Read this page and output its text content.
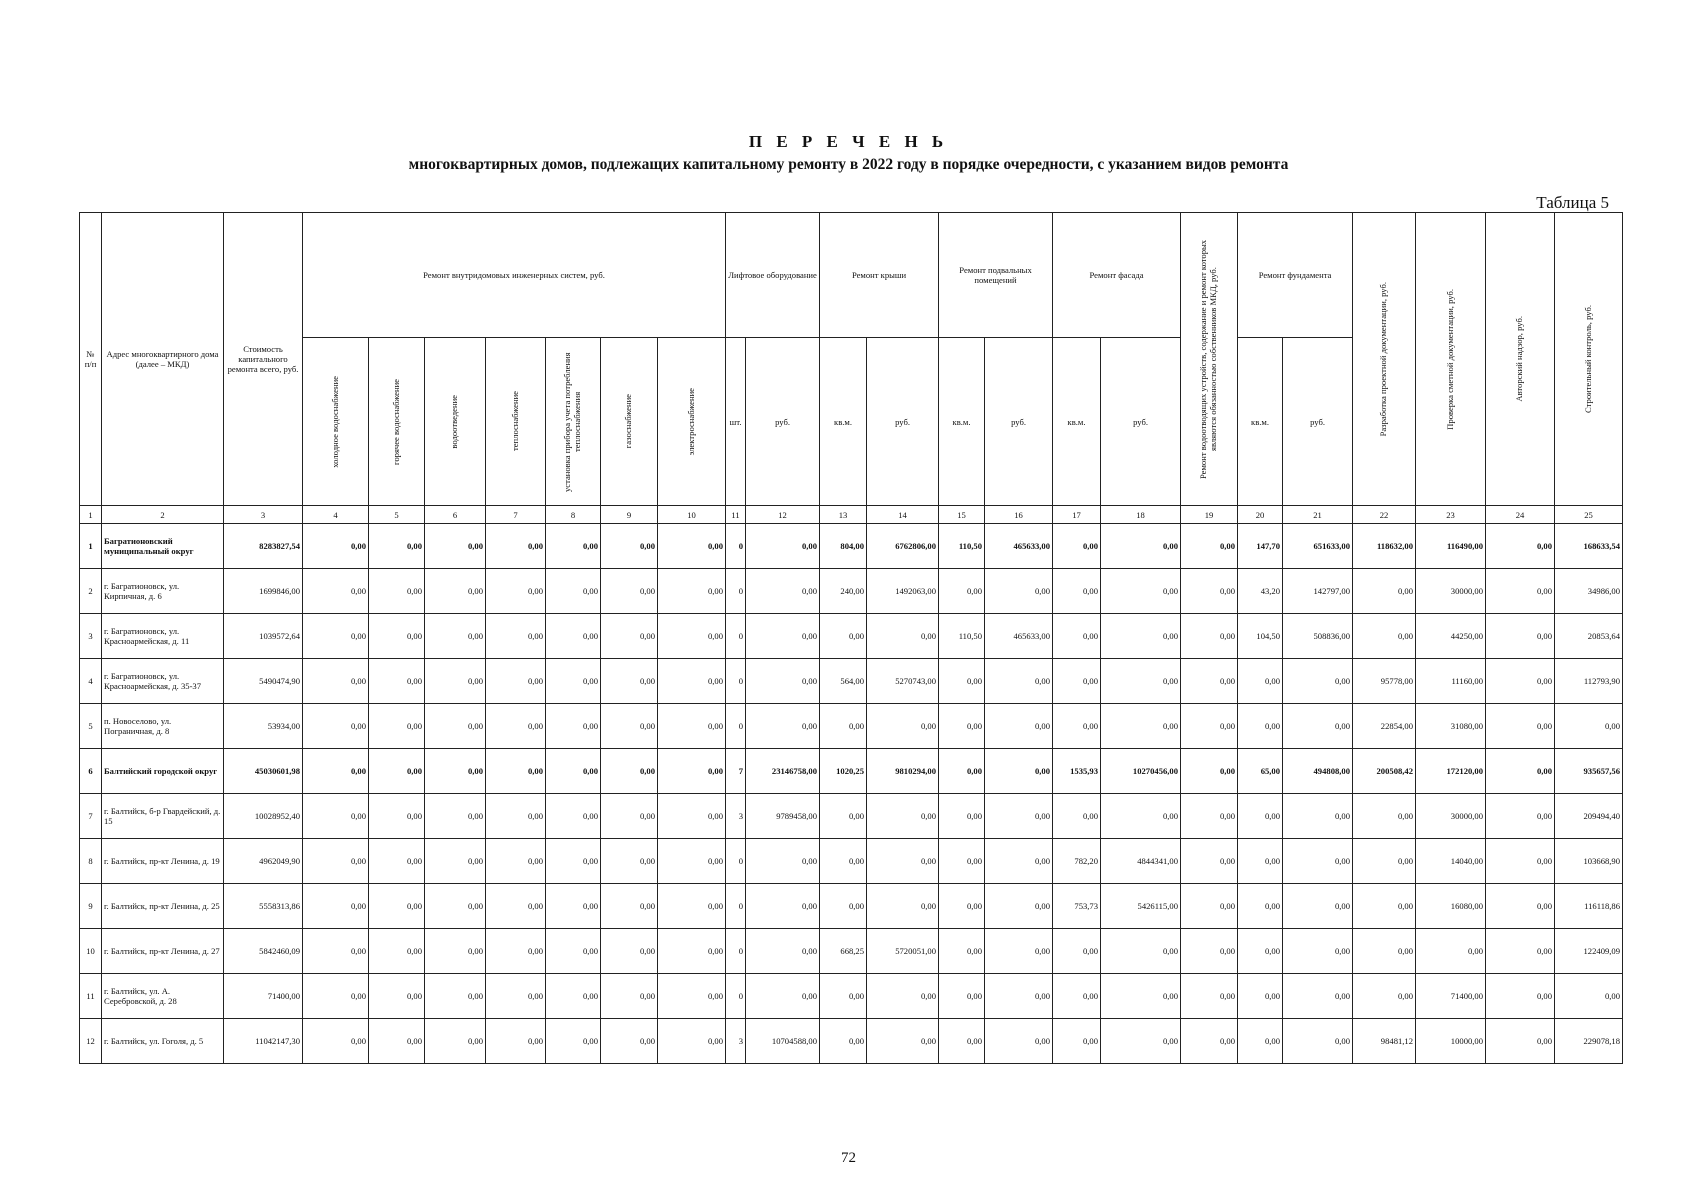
П Е Р Е Ч Е Н Ь
многоквартирных домов, подлежащих капитальному ремонту в 2022 году в порядке очередности, с указанием видов ремонта
Таблица 5
№ п/п	Адрес многоквартирного дома (далее – МКД)	Стоимость капитального ремонта всего, руб.	Ремонт внутридомовых инженерных систем, руб.							Лифтовое оборудование		Ремонт крыши		Ремонт подвальных помещений		Ремонт фасада		Ремонт водоотводящих устройств, содержание и ремонт которых являются обязанностью собственников МКД, руб.	Ремонт фундамента		Разработка проектной документации, руб.	Проверка сметной документации, руб.	Авторский надзор, руб.	Строительный контроль, руб.

			холодное водоснабжение	горячее водоснабжение	водоотведение	теплоснабжение	установка прибора учета потребления теплоснабжения	газоснабжение	электроснабжение	шт.	руб.	кв.м.	руб.	кв.м.	руб.	кв.м.	руб.		кв.м.	руб.				
1	2	3	4	5	6	7	8	9	10	11	12	13	14	15	16	17	18	19	20	21	22	23	24	25
1	Багратионовский муниципальный округ	8283827,54	0,00	0,00	0,00	0,00	0,00	0,00	0,00	0	0,00	804,00	6762806,00	110,50	465633,00	0,00	0,00	0,00	147,70	651633,00	118632,00	116490,00	0,00	168633,54
2	г. Багратионовск, ул. Кирпичная, д. 6	1699846,00	0,00	0,00	0,00	0,00	0,00	0,00	0,00	0	0,00	240,00	1492063,00	0,00	0,00	0,00	0,00	0,00	43,20	142797,00	0,00	30000,00	0,00	34986,00
3	г. Багратионовск, ул. Красноармейская, д. 11	1039572,64	0,00	0,00	0,00	0,00	0,00	0,00	0,00	0	0,00	0,00	0,00	110,50	465633,00	0,00	0,00	0,00	104,50	508836,00	0,00	44250,00	0,00	20853,64
4	г. Багратионовск, ул. Красноармейская, д. 35-37	5490474,90	0,00	0,00	0,00	0,00	0,00	0,00	0,00	0	0,00	564,00	5270743,00	0,00	0,00	0,00	0,00	0,00	0,00	0,00	95778,00	11160,00	0,00	112793,90
5	п. Новоселово, ул. Пограничная, д. 8	53934,00	0,00	0,00	0,00	0,00	0,00	0,00	0,00	0	0,00	0,00	0,00	0,00	0,00	0,00	0,00	0,00	0,00	0,00	22854,00	31080,00	0,00	0,00
6	Балтийский городской округ	45030601,98	0,00	0,00	0,00	0,00	0,00	0,00	0,00	7	23146758,00	1020,25	9810294,00	0,00	0,00	1535,93	10270456,00	0,00	65,00	494808,00	200508,42	172120,00	0,00	935657,56
7	г. Балтийск, б-р Гвардейский, д. 15	10028952,40	0,00	0,00	0,00	0,00	0,00	0,00	0,00	3	9789458,00	0,00	0,00	0,00	0,00	0,00	0,00	0,00	0,00	0,00	0,00	30000,00	0,00	209494,40
8	г. Балтийск, пр-кт Ленина, д. 19	4962049,90	0,00	0,00	0,00	0,00	0,00	0,00	0,00	0	0,00	0,00	0,00	0,00	0,00	782,20	4844341,00	0,00	0,00	0,00	0,00	14040,00	0,00	103668,90
9	г. Балтийск, пр-кт Ленина, д. 25	5558313,86	0,00	0,00	0,00	0,00	0,00	0,00	0,00	0	0,00	0,00	0,00	0,00	0,00	753,73	5426115,00	0,00	0,00	0,00	0,00	16080,00	0,00	116118,86
10	г. Балтийск, пр-кт Ленина, д. 27	5842460,09	0,00	0,00	0,00	0,00	0,00	0,00	0,00	0	0,00	668,25	5720051,00	0,00	0,00	0,00	0,00	0,00	0,00	0,00	0,00	0,00	0,00	122409,09
11	г. Балтийск, ул. А. Серебровской, д. 28	71400,00	0,00	0,00	0,00	0,00	0,00	0,00	0,00	0	0,00	0,00	0,00	0,00	0,00	0,00	0,00	0,00	0,00	0,00	0,00	71400,00	0,00	0,00
12	г. Балтийск, ул. Гоголя, д. 5	11042147,30	0,00	0,00	0,00	0,00	0,00	0,00	0,00	3	10704588,00	0,00	0,00	0,00	0,00	0,00	0,00	0,00	0,00	0,00	98481,12	10000,00	0,00	229078,18
72
